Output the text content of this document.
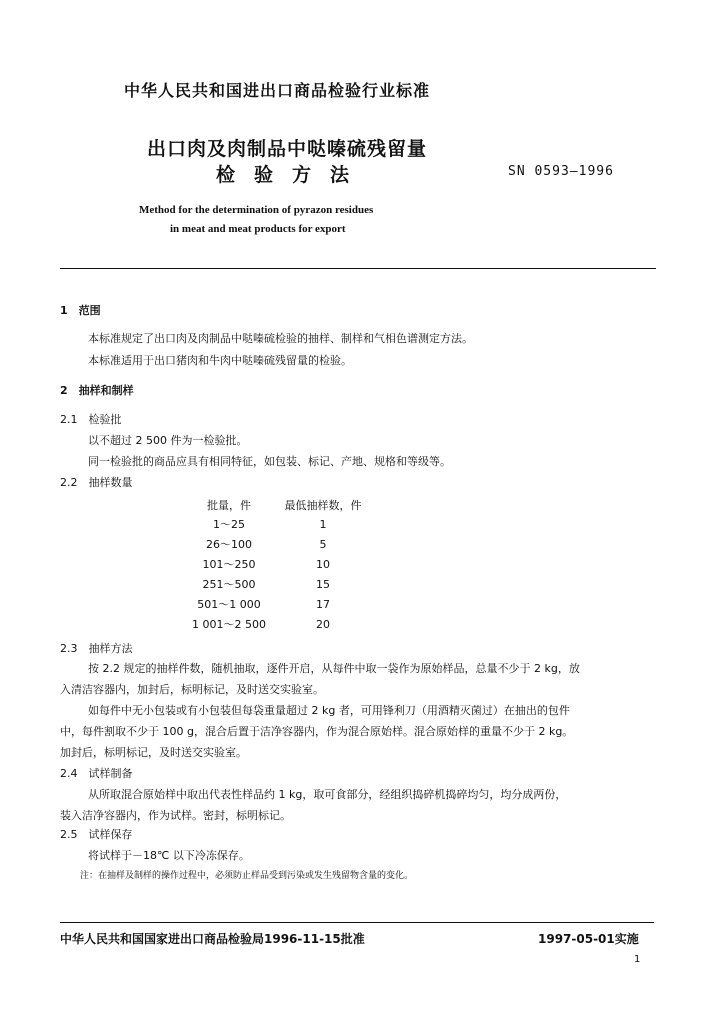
中华人民共和国进出口商品检验行业标准
出口肉及肉制品中哒嗪硫残留量
检验方法	SN 0593—1996
Method for the determination of pyrazon residues
in meat and meat products for export
1　范围
本标准规定了出口肉及肉制品中哒嗪硫检验的抽样、制样和气相色谱测定方法。
本标准适用于出口猪肉和牛肉中哒嗪硫残留量的检验。
2　抽样和制样
2.1　检验批
以不超过 2 500 件为一检验批。
同一检验批的商品应具有相同特征，如包装、标记、产地、规格和等级等。
2.2　抽样数量
批量，件	最低抽样数，件
1～25	1
26～100	5
101～250	10
251～500	15
501～1 000	17
1 001～2 500	20
2.3　抽样方法
按 2.2 规定的抽样件数，随机抽取，逐件开启，从每件中取一袋作为原始样品，总量不少于 2 kg，放
入清洁容器内，加封后，标明标记，及时送交实验室。
如每件中无小包装或有小包装但每袋重量超过 2 kg 者，可用锋利刀（用酒精灭菌过）在抽出的包件
中，每件割取不少于 100 g，混合后置于洁净容器内，作为混合原始样。混合原始样的重量不少于 2 kg。
加封后，标明标记，及时送交实验室。
2.4　试样制备
从所取混合原始样中取出代表性样品约 1 kg，取可食部分，经组织捣碎机捣碎均匀，均分成两份，
装入洁净容器内，作为试样。密封，标明标记。
2.5　试样保存
将试样于－18℃ 以下冷冻保存。
注：在抽样及制样的操作过程中，必须防止样品受到污染或发生残留物含量的变化。
中华人民共和国国家进出口商品检验局1996-11-15批准	1997-05-01实施
1
